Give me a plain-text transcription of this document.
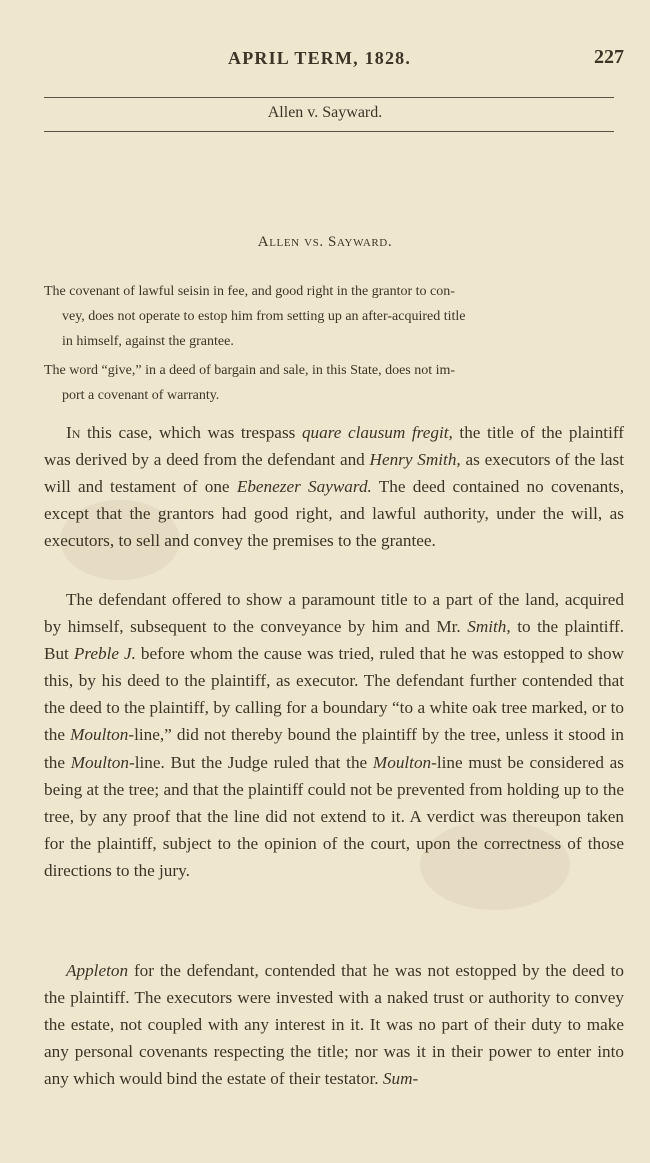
APRIL TERM, 1828.	227
Allen v. Sayward.
Allen vs. Sayward.

The covenant of lawful seisin in fee, and good right in the grantor to con-
vey, does not operate to estop him from setting up an after-acquired title
in himself, against the grantee.

The word “give,” in a deed of bargain and sale, in this State, does not im-
port a covenant of warranty.

In this case, which was trespass quare clausum fregit, the title of the plaintiff was derived by a deed from the defendant and Henry Smith, as executors of the last will and testament of one Ebenezer Sayward. The deed contained no covenants, except that the grantors had good right, and lawful authority, under the will, as executors, to sell and convey the premises to the grantee.

The defendant offered to show a paramount title to a part of the land, acquired by himself, subsequent to the conveyance by him and Mr. Smith, to the plaintiff. But Preble J. before whom the cause was tried, ruled that he was estopped to show this, by his deed to the plaintiff, as executor. The defendant further contended that the deed to the plaintiff, by calling for a boundary “to a white oak tree marked, or to the Moulton-line,” did not thereby bound the plaintiff by the tree, unless it stood in the Moulton-line. But the Judge ruled that the Moulton-line must be considered as being at the tree; and that the plaintiff could not be prevented from holding up to the tree, by any proof that the line did not extend to it. A verdict was thereupon taken for the plaintiff, subject to the opinion of the court, upon the correctness of those directions to the jury.

Appleton for the defendant, contended that he was not estopped by the deed to the plaintiff. The executors were invested with a naked trust or authority to convey the estate, not coupled with any interest in it. It was no part of their duty to make any personal covenants respecting the title; nor was it in their power to enter into any which would bind the estate of their testator. Sum-
